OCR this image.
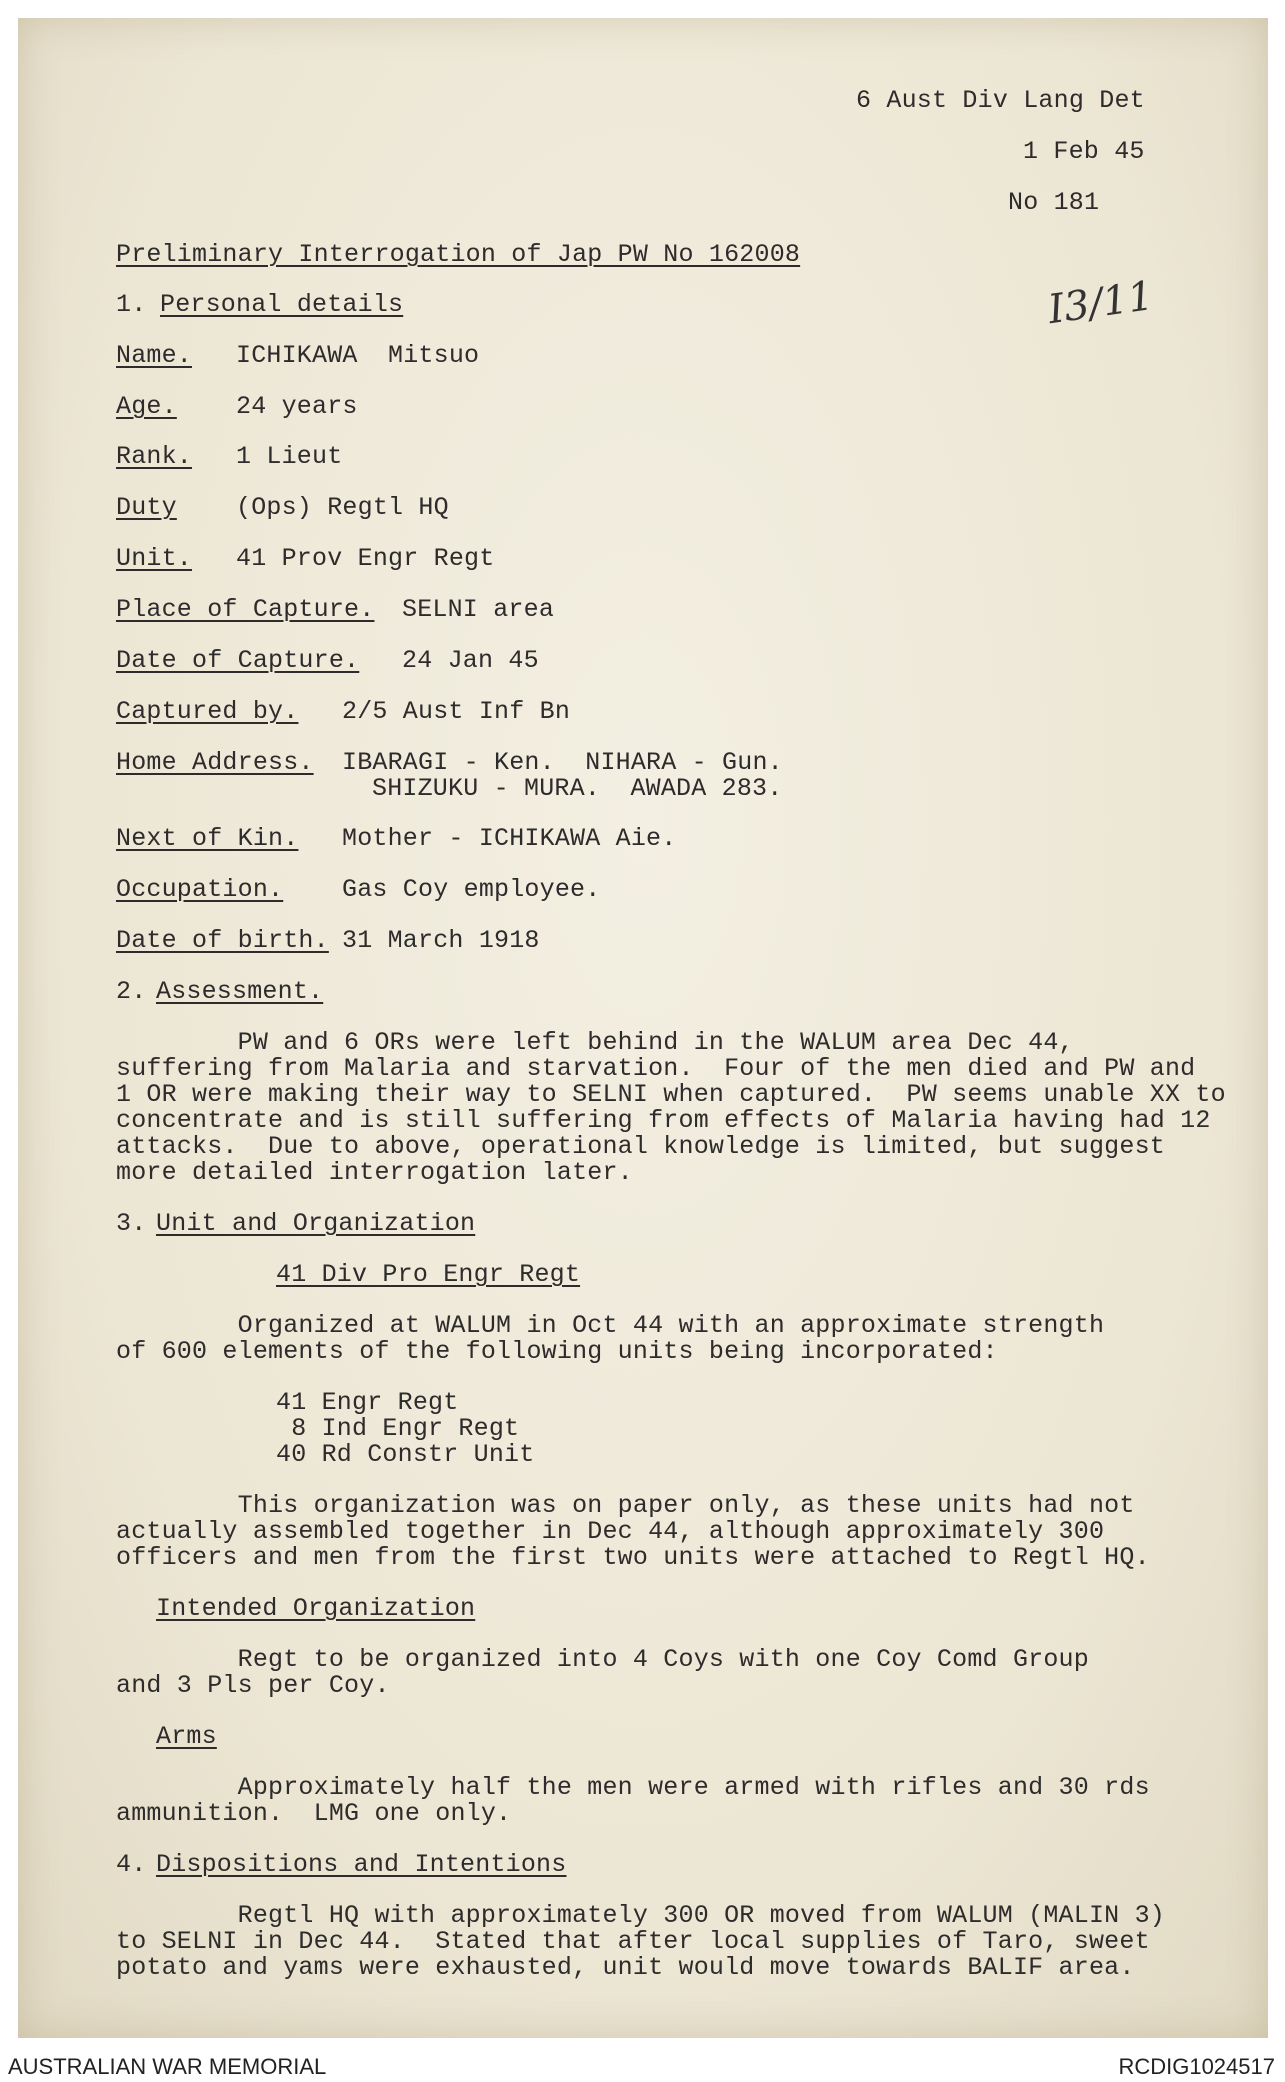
6 Aust Div Lang Det
1 Feb 45
No 181
I3/11
Preliminary Interrogation of Jap PW No 162008
1. Personal details
Name. ICHIKAWA  Mitsuo
Age. 24 years
Rank. 1 Lieut
Duty (Ops) Regtl HQ
Unit. 41 Prov Engr Regt
Place of Capture. SELNI area
Date of Capture. 24 Jan 45
Captured by. 2/5 Aust Inf Bn
Home Address. IBARAGI - Ken.  NIHARA - Gun.
SHIZUKU - MURA.  AWADA 283.
Next of Kin. Mother - ICHIKAWA Aie.
Occupation. Gas Coy employee.
Date of birth. 31 March 1918
2. Assessment.
PW and 6 ORs were left behind in the WALUM area Dec 44,
suffering from Malaria and starvation.  Four of the men died and PW and
1 OR were making their way to SELNI when captured.  PW seems unable XX to
concentrate and is still suffering from effects of Malaria having had 12
attacks.  Due to above, operational knowledge is limited, but suggest
more detailed interrogation later.
3. Unit and Organization
41 Div Pro Engr Regt
Organized at WALUM in Oct 44 with an approximate strength
of 600 elements of the following units being incorporated:
41 Engr Regt
8 Ind Engr Regt
40 Rd Constr Unit
This organization was on paper only, as these units had not
actually assembled together in Dec 44, although approximately 300
officers and men from the first two units were attached to Regtl HQ.
Intended Organization
Regt to be organized into 4 Coys with one Coy Comd Group
and 3 Pls per Coy.
Arms
Approximately half the men were armed with rifles and 30 rds
ammunition.  LMG one only.
4. Dispositions and Intentions
Regtl HQ with approximately 300 OR moved from WALUM (MALIN 3)
to SELNI in Dec 44.  Stated that after local supplies of Taro, sweet
potato and yams were exhausted, unit would move towards BALIF area.
AUSTRALIAN WAR MEMORIAL	RCDIG1024517
